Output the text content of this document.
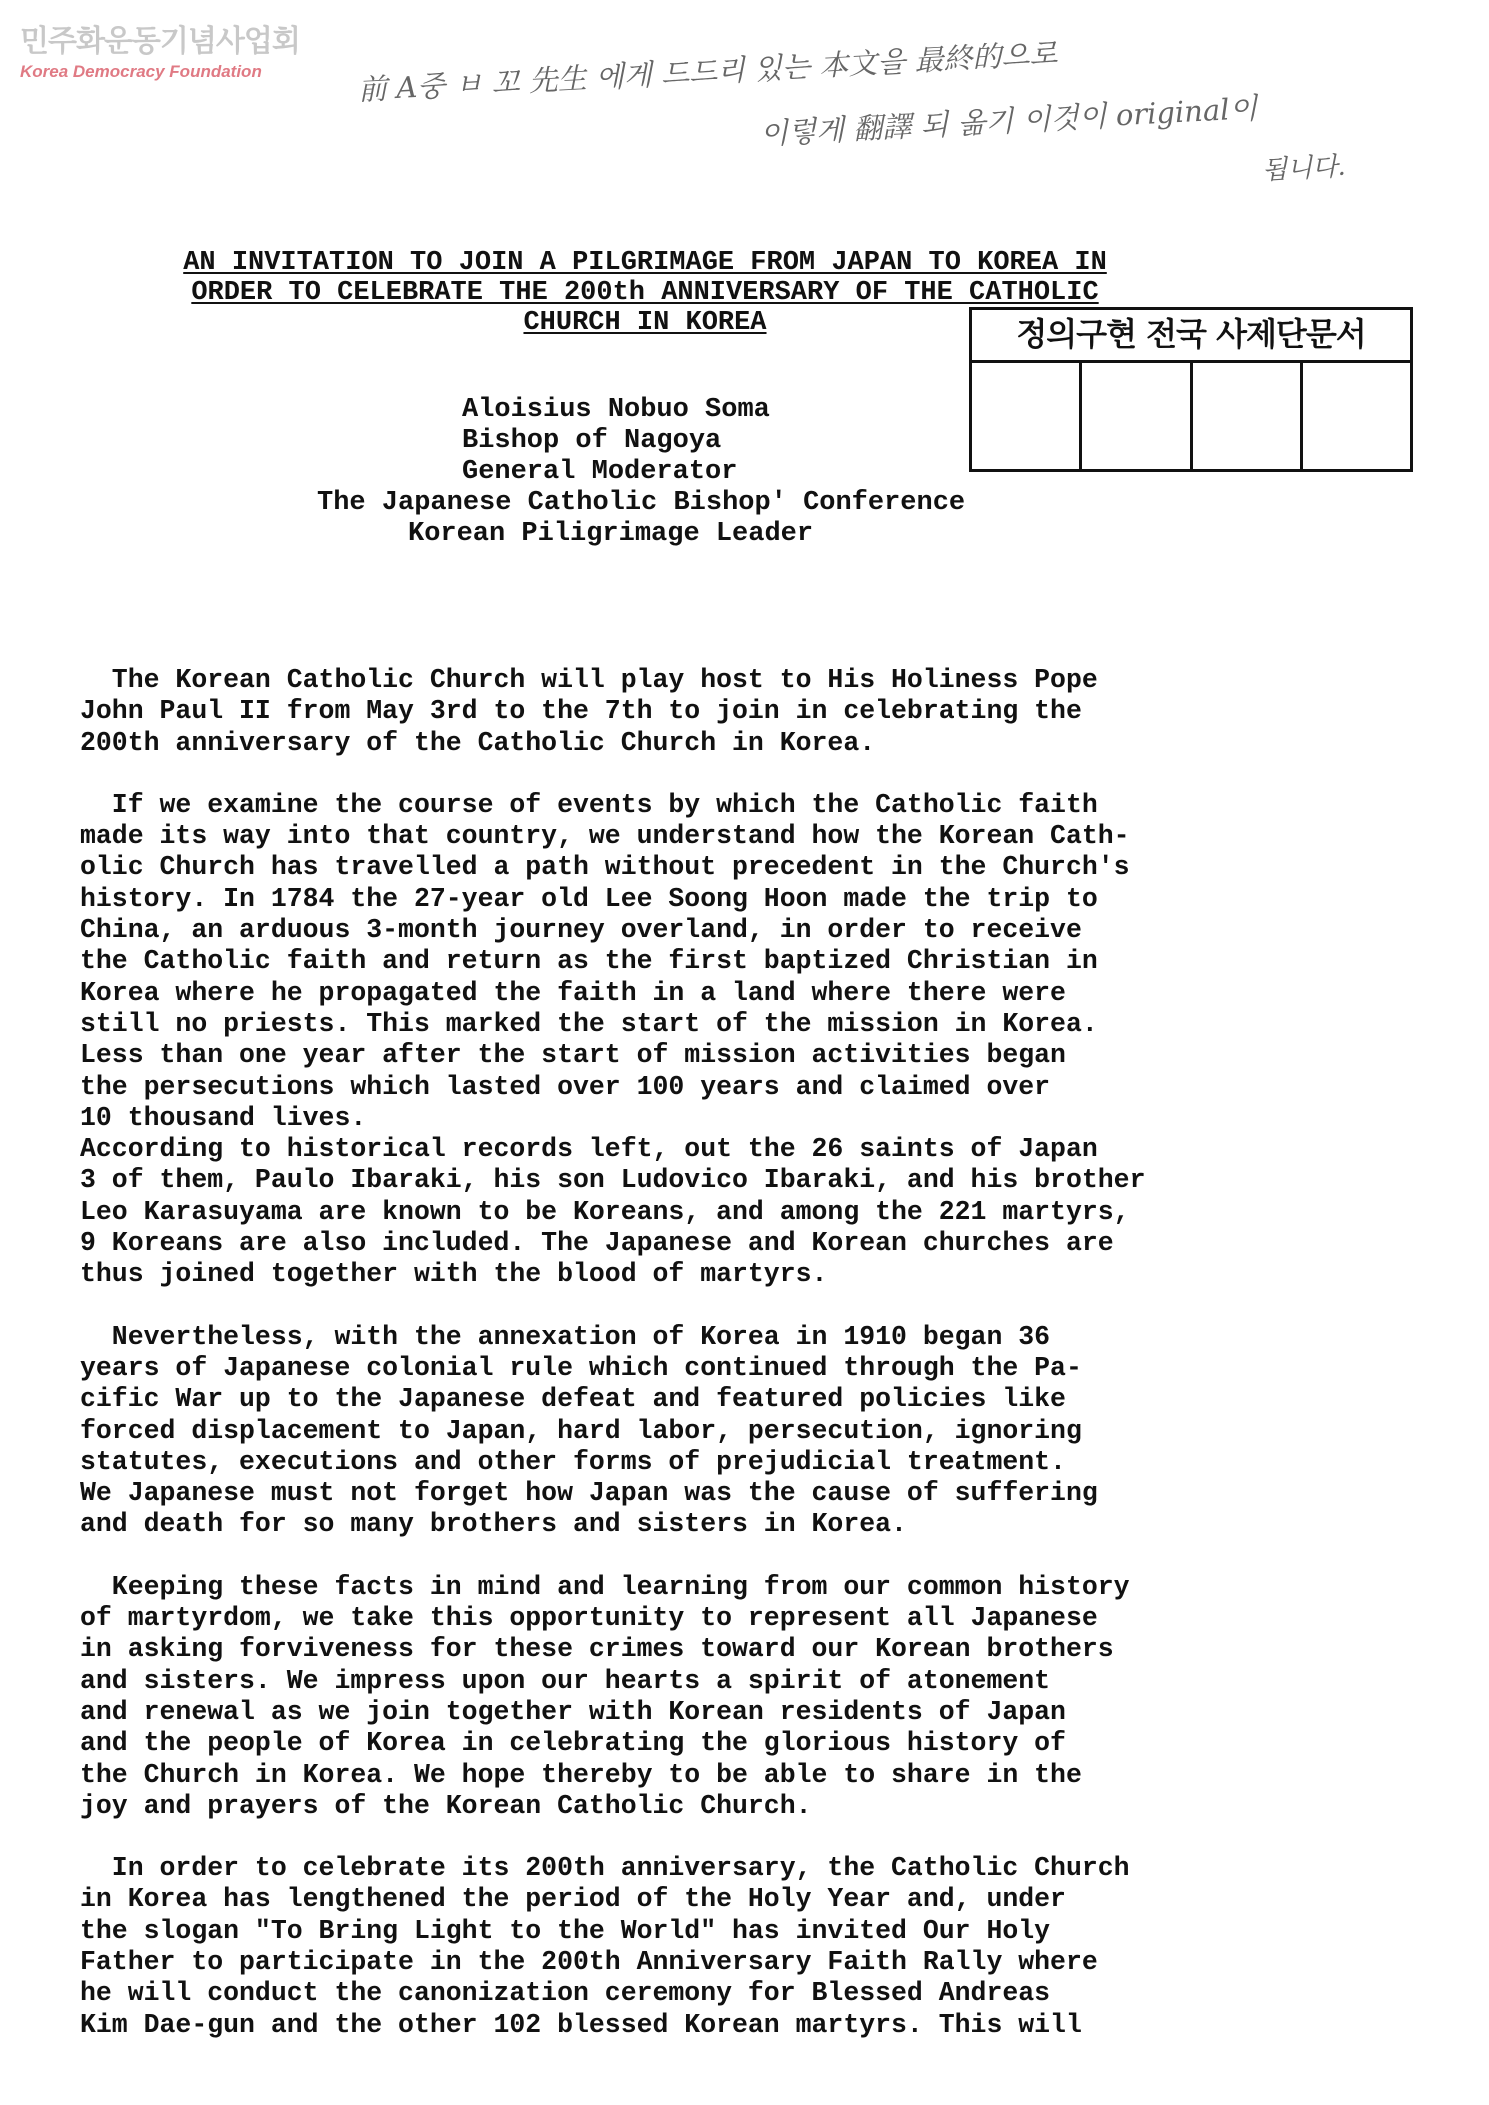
민주화운동기념사업회
Korea Democracy Foundation	前 A중 ㅂ 꼬 先生 에게 드드리 있는 本文을 最終的으로
이렇게 翻譯 되 옮기 이것이 original이
됩니다.
AN INVITATION TO JOIN A PILGRIMAGE FROM JAPAN TO KOREA IN
ORDER TO CELEBRATE THE 200th ANNIVERSARY OF THE CATHOLIC
CHURCH IN KOREA	정의구현 전국 사제단문서
Aloisius Nobuo Soma
Bishop of Nagoya
General Moderator
The Japanese Catholic Bishop' Conference
Korean Piligrimage Leader
The Korean Catholic Church will play host to His Holiness Pope
John Paul II from May 3rd to the 7th to join in celebrating the
200th anniversary of the Catholic Church in Korea.
If we examine the course of events by which the Catholic faith
made its way into that country, we understand how the Korean Cath-
olic Church has travelled a path without precedent in the Church's
history. In 1784 the 27-year old Lee Soong Hoon made the trip to
China, an arduous 3-month journey overland, in order to receive
the Catholic faith and return as the first baptized Christian in
Korea where he propagated the faith in a land where there were
still no priests. This marked the start of the mission in Korea.
Less than one year after the start of mission activities began
the persecutions which lasted over 100 years and claimed over
10 thousand lives.
According to historical records left, out the 26 saints of Japan
3 of them, Paulo Ibaraki, his son Ludovico Ibaraki, and his brother
Leo Karasuyama are known to be Koreans, and among the 221 martyrs,
9 Koreans are also included. The Japanese and Korean churches are
thus joined together with the blood of martyrs.
Nevertheless, with the annexation of Korea in 1910 began 36
years of Japanese colonial rule which continued through the Pa-
cific War up to the Japanese defeat and featured policies like
forced displacement to Japan, hard labor, persecution, ignoring
statutes, executions and other forms of prejudicial treatment.
We Japanese must not forget how Japan was the cause of suffering
and death for so many brothers and sisters in Korea.
Keeping these facts in mind and learning from our common history
of martyrdom, we take this opportunity to represent all Japanese
in asking forviveness for these crimes toward our Korean brothers
and sisters. We impress upon our hearts a spirit of atonement
and renewal as we join together with Korean residents of Japan
and the people of Korea in celebrating the glorious history of
the Church in Korea. We hope thereby to be able to share in the
joy and prayers of the Korean Catholic Church.
In order to celebrate its 200th anniversary, the Catholic Church
in Korea has lengthened the period of the Holy Year and, under
the slogan "To Bring Light to the World" has invited Our Holy
Father to participate in the 200th Anniversary Faith Rally where
he will conduct the canonization ceremony for Blessed Andreas
Kim Dae-gun and the other 102 blessed Korean martyrs. This will
